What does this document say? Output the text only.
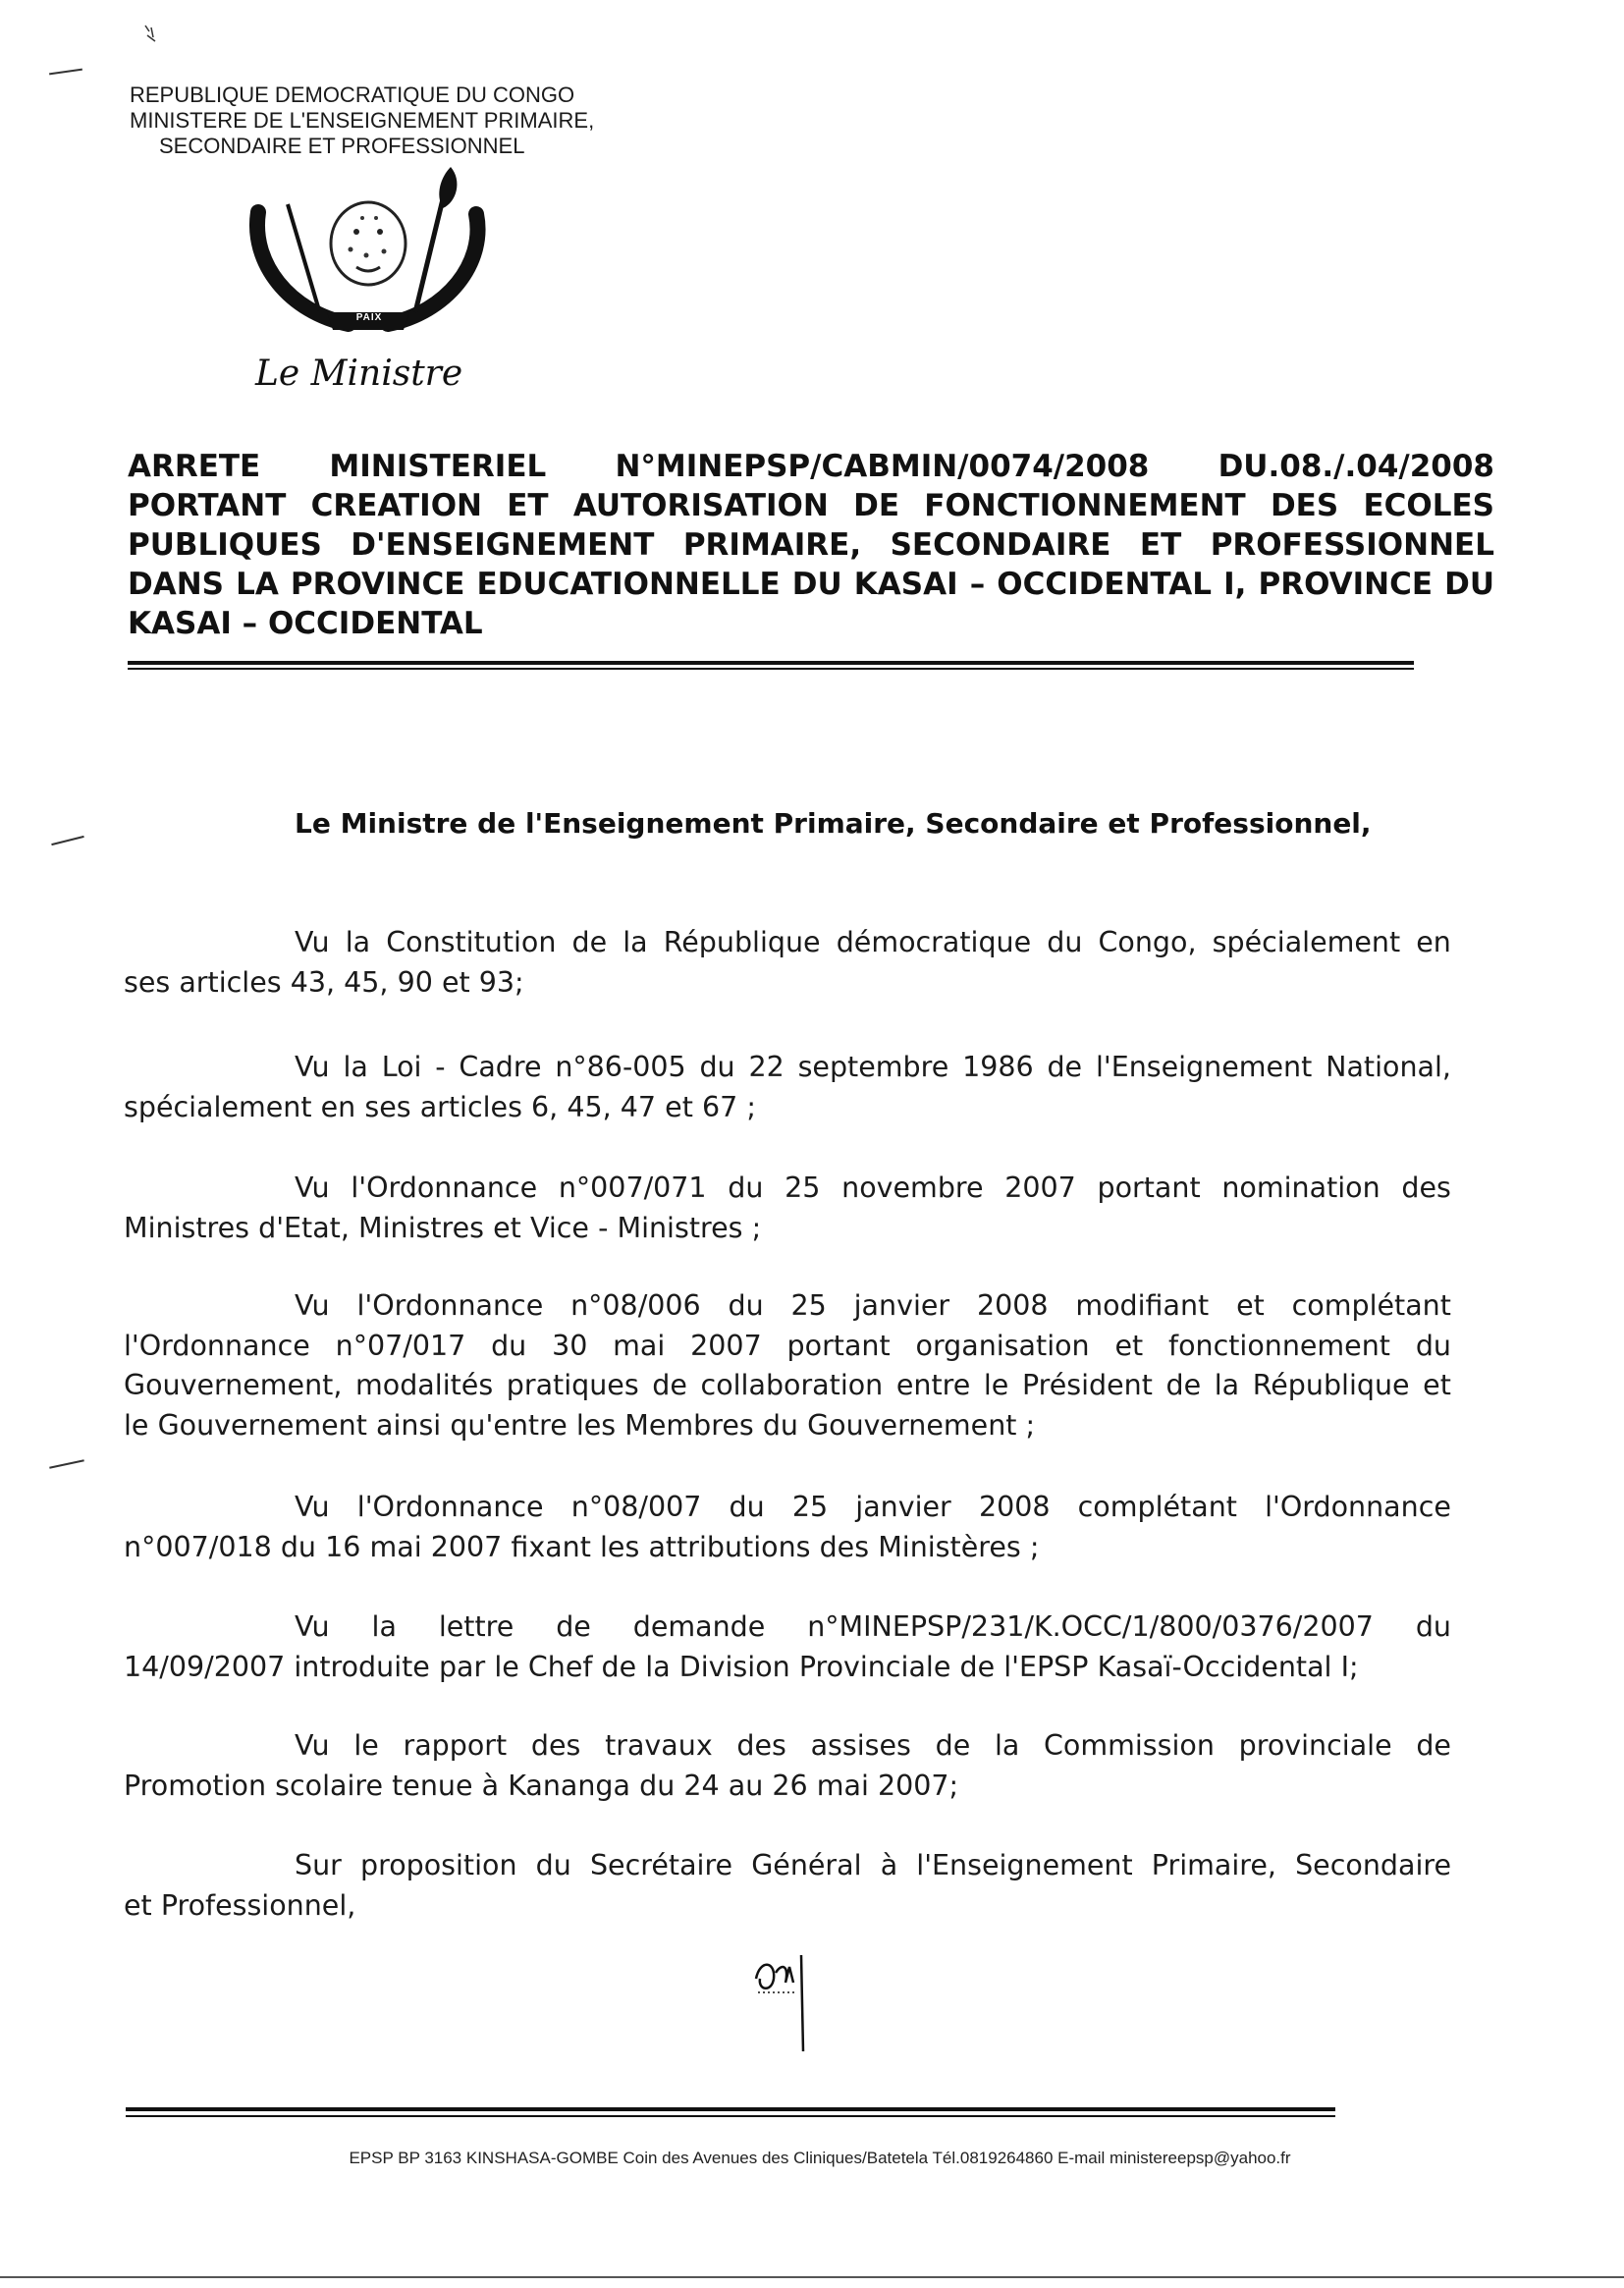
REPUBLIQUE DEMOCRATIQUE DU CONGO
MINISTERE DE L'ENSEIGNEMENT PRIMAIRE,
SECONDAIRE ET PROFESSIONNEL
PAIX
Le Ministre
ARRETE MINISTERIEL N°MINEPSP/CABMIN/0074/2008 DU.08./.04/2008
PORTANT CREATION ET AUTORISATION DE FONCTIONNEMENT DES ECOLES
PUBLIQUES D'ENSEIGNEMENT PRIMAIRE, SECONDAIRE ET PROFESSIONNEL
DANS LA PROVINCE EDUCATIONNELLE DU KASAI – OCCIDENTAL I, PROVINCE DU
KASAI – OCCIDENTAL
Le Ministre de l'Enseignement Primaire, Secondaire et Professionnel,
Vu la Constitution de la République démocratique du Congo, spécialement en
ses articles 43, 45, 90 et 93;
Vu la Loi - Cadre n°86-005 du 22 septembre 1986 de l'Enseignement National,
spécialement en ses articles 6, 45, 47 et 67 ;
Vu l'Ordonnance n°007/071 du 25 novembre 2007 portant nomination des
Ministres d'Etat, Ministres et Vice - Ministres ;
Vu l'Ordonnance n°08/006 du 25 janvier 2008 modifiant et complétant
l'Ordonnance n°07/017 du 30 mai 2007 portant organisation et fonctionnement du
Gouvernement, modalités pratiques de collaboration entre le Président de la République et
le Gouvernement ainsi qu'entre les Membres du Gouvernement ;
Vu l'Ordonnance n°08/007 du 25 janvier 2008 complétant l'Ordonnance
n°007/018 du 16 mai 2007 fixant les attributions des Ministères ;
Vu la lettre de demande n°MINEPSP/231/K.OCC/1/800/0376/2007 du
14/09/2007 introduite par le Chef de la Division Provinciale de l'EPSP Kasaï-Occidental I;
Vu le rapport des travaux des assises de la Commission provinciale de
Promotion scolaire tenue à Kananga du 24 au 26 mai 2007;
Sur proposition du Secrétaire Général à l'Enseignement Primaire, Secondaire
et Professionnel,
EPSP BP 3163 KINSHASA-GOMBE Coin des Avenues des Cliniques/Batetela Tél.0819264860 E-mail ministereepsp@yahoo.fr
